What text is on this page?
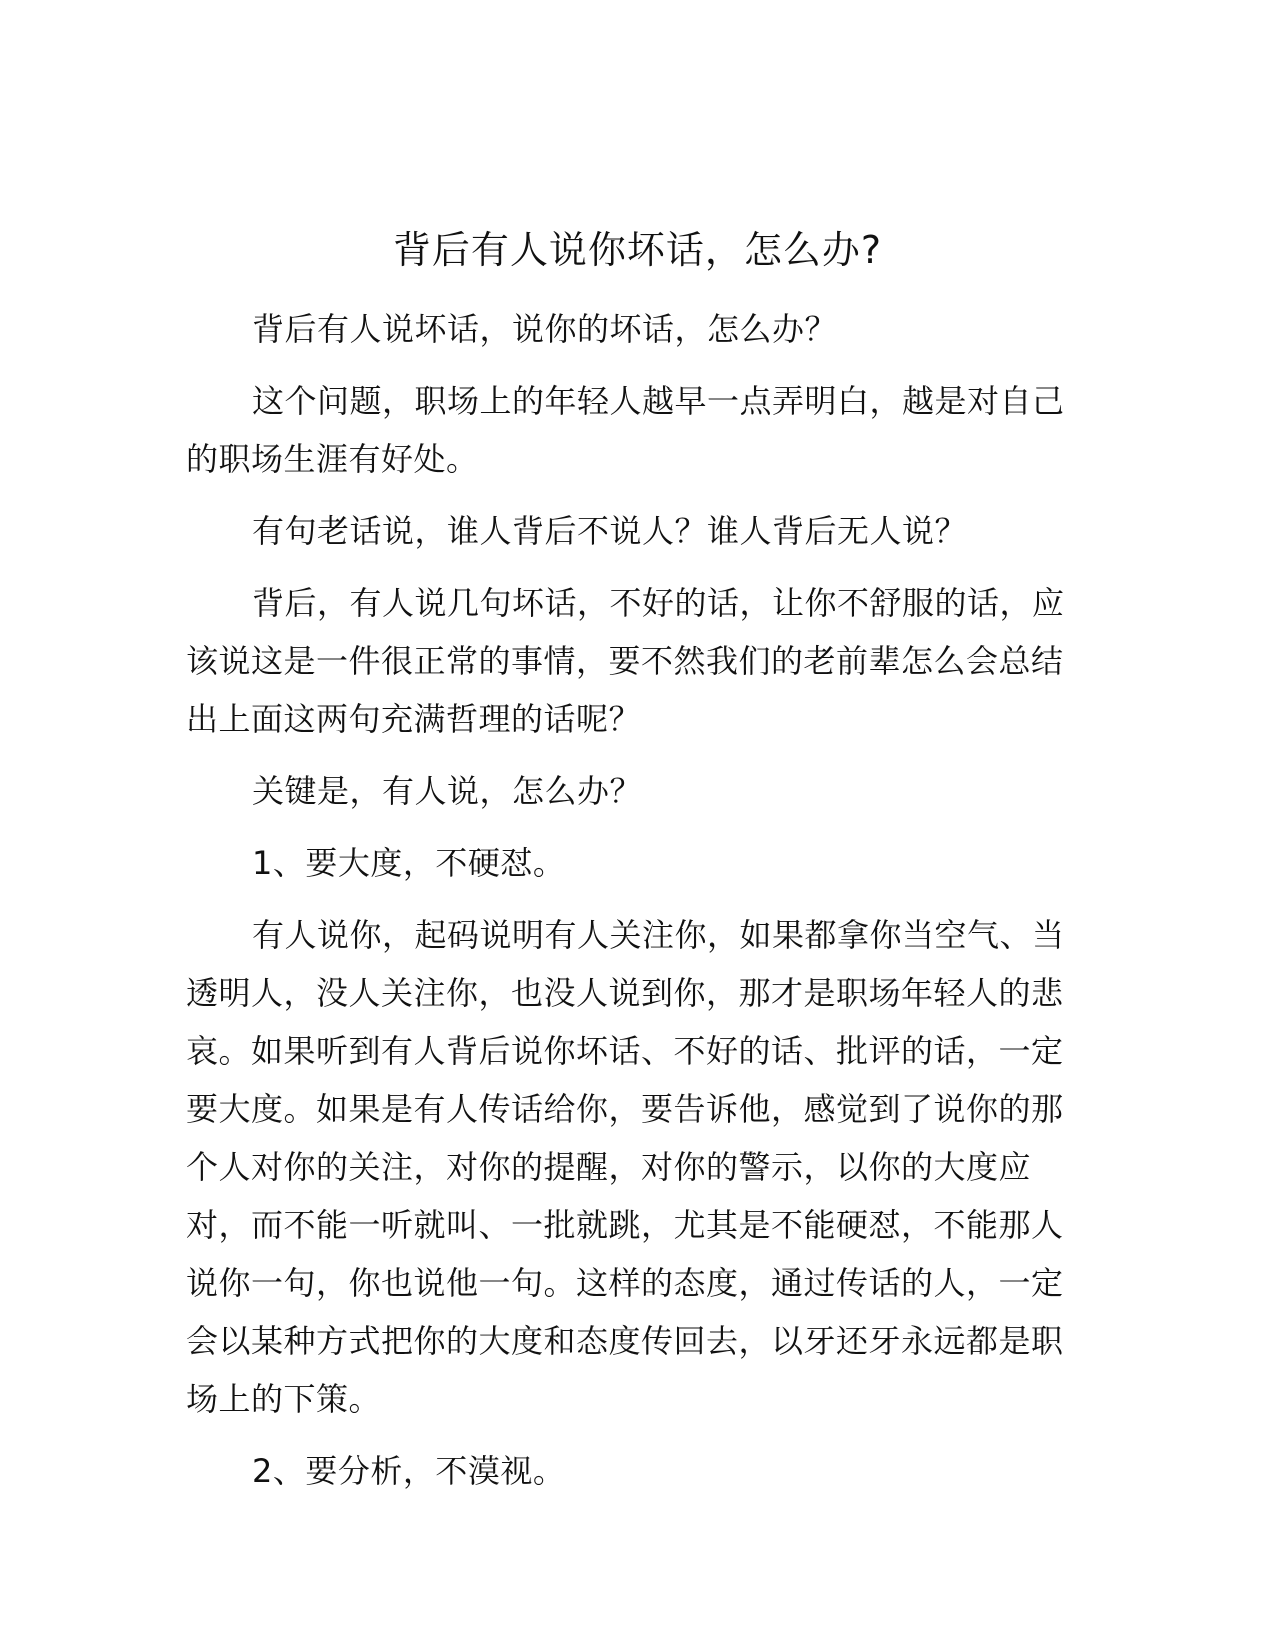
背后有人说你坏话，怎么办?

背后有人说坏话，说你的坏话，怎么办？

这个问题，职场上的年轻人越早一点弄明白，越是对自己的职场生涯有好处。

有句老话说，谁人背后不说人？谁人背后无人说？

背后，有人说几句坏话，不好的话，让你不舒服的话，应该说这是一件很正常的事情，要不然我们的老前辈怎么会总结出上面这两句充满哲理的话呢？

关键是，有人说，怎么办？

1、要大度，不硬怼。

有人说你，起码说明有人关注你，如果都拿你当空气、当透明人，没人关注你，也没人说到你，那才是职场年轻人的悲哀。如果听到有人背后说你坏话、不好的话、批评的话，一定要大度。如果是有人传话给你，要告诉他，感觉到了说你的那个人对你的关注，对你的提醒，对你的警示，以你的大度应对，而不能一听就叫、一批就跳，尤其是不能硬怼，不能那人说你一句，你也说他一句。这样的态度，通过传话的人，一定会以某种方式把你的大度和态度传回去，以牙还牙永远都是职场上的下策。

2、要分析，不漠视。
